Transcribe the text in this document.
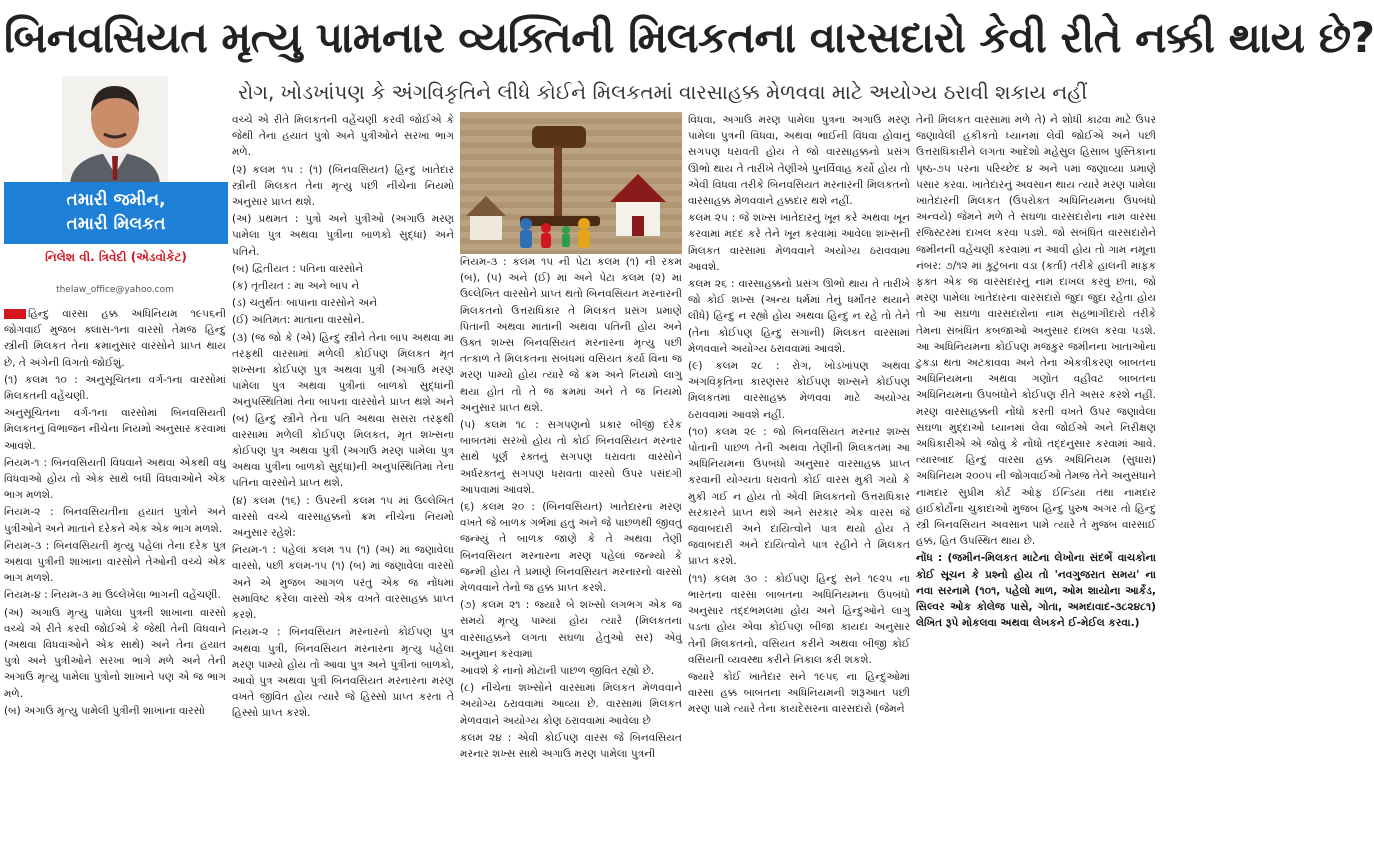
બિનવસિયત મૃત્યુ પામનાર વ્યક્તિની મિલકતના વારસદારો કેવી રીતે નક્કી થાય છે?
રોગ, ખોડખાંપણ કે અંગવિકૃતિને લીધે કોઈને મિલકતમાં વારસાહક્ક મેળવવા માટે અયોગ્ય ઠરાવી શકાય નહીં
તમારી જમીન,
તમારી મિલકત
નિલેશ વી. ત્રિવેદી (એડવોકેટ)
thelaw_office@yahoo.com

હિન્દુ વારસા હક્ક અધિનિયમ ૧૯૫૬ની જોગવાઈ મુજબ ક્લાસ-૧ના વારસો તેમજ હિન્દુ સ્ત્રીની મિલકત તેના ક્રમાનુસાર વારસોને પ્રાપ્ત થાય છે, તે અંગેની વિગતો જોઈશું.

(૧) કલમ ૧૦ : અનુસૂચિતના વર્ગ-૧ના વારસોમાં મિલકતની વહેંચણી.

અનુસૂચિતના વર્ગ-૧ના વારસોમાં બિનવસિયતી મિલકતનું વિભાજન નીચેના નિયમો અનુસાર કરવામાં આવશે.

નિયમ-૧ : બિનવસિયતી વિધવાને અથવા એકથી વધુ વિધવાઓ હોય તો એક સાથે બધી વિધવાઓને એક ભાગ મળશે.

નિયમ-૨ : બિનવસિયતીના હયાત પુત્રોને અને પુત્રીઓને અને માતાને દરેકને એક એક ભાગ મળશે.

નિયમ-૩ : બિનવસિયતી મૃત્યુ પહેલાં તેના દરેક પુત્ર અથવા પુત્રીની શાખાના વારસોને તેઓની વચ્ચે એક ભાગ મળશે.

નિયમ-૪ : નિયમ-૩ માં ઉલ્લેખેલા ભાગની વહેંચણી.

(અ) અગાઉ મૃત્યુ પામેલા પુત્રની શાખાના વારસો વચ્ચે એ રીતે કરવી જોઈએ કે જેથી તેની વિધવાને (અથવા વિધવાઓને એક સાથે) અને તેના હયાત પુત્રો અને પુત્રીઓને સરખા ભાગે મળે અને તેની અગાઉ મૃત્યુ પામેલા પુત્રોનો શાખાને પણ એ જ ભાગ મળે.

(બ) અગાઉ મૃત્યુ પામેલી પુત્રીની શાખાના વારસો

વચ્ચે એ રીતે મિલકતની વહેંચણી કરવી જોઈએ કે જેથી તેના હયાત પુત્રો અને પુત્રીઓને સરખા ભાગ મળે.

(૨) કલમ ૧૫ : (૧) (બિનવસિયત) હિન્દુ ખાતેદાર સ્ત્રીની મિલકત તેના મૃત્યુ પછી નીચેના નિયમો અનુસાર પ્રાપ્ત થશે.

(અ) પ્રથમત : પુત્રો અને પુત્રીઓ (અગાઉ મરણ પામેલા પુત્ર અથવા પુત્રીના બાળકો સુદ્ધાં) અને પતિને.

(બ) દ્વિતીયત : પતિના વારસોને

(ક) તૃતીયત : મા અને બાપ ને

(ડ) ચતુર્થતઃ બાપાના વારસોને અને

(ઈ) અંતિમત: માતાના વારસોને.

(૩) (જ જો કે (એ) હિન્દુ સ્ત્રીને તેના બાપ અથવા મા તરફથી વારસામાં મળેલી કોઈપણ મિલકત મૃત શખ્સના કોઈપણ પુત્ર અથવા પુત્રી (અગાઉ મરણ પામેલા પુત્ર અથવા પુત્રીનાં બાળકો સુદ્ધાંની અનુપસ્થિતિમાં તેના બાપના વારસોને પ્રાપ્ત થશે અને (બ) હિન્દુ સ્ત્રીને તેના પતિ અથવા સસરા તરફથી વારસામાં મળેલી કોઈપણ મિલકત, મૃત શખ્સના કોઈપણ પુત્ર અથવા પુત્રી (અગાઉ મરણ પામેલા પુત્ર અથવા પુત્રીના બાળકો સુદ્ધાં)ની અનુપસ્થિતિમાં તેના પતિના વારસોને પ્રાપ્ત થશે.

(૪) કલમ (૧૬) : ઉપરની કલમ ૧૫ માં ઉલ્લેખિત વારસો વચ્ચે વારસાહક્કનો ક્રમ નીચેના નિયમો અનુસાર રહેશે:

નિયમ-૧ : પહેલાં કલમ ૧૫ (૧) (અ) માં જણાવેલા વારસો, પછી કલમ-૧૫ (૧) (બ) માં જણાવેલા વારસો અને એ મુજબ આગળ પરંતુ એક જ નોંધમાં સમાવિષ્ટ કરેલા વારસો એક વખતે વારસાહક્ક પ્રાપ્ત કરશે.

નિયમ-૨ : બિનવસિયત મરનારનો કોઈપણ પુત્ર અથવા પુત્રી, બિનવસિયત મરનારના મૃત્યુ પહેલાં મરણ પામ્યો હોય તો આવા પુત્ર અને પુત્રીનાં બાળકો, આવો પુત્ર અથવા પુત્રી બિનવસિયત મરનારના મરણ વખતે જીવિત હોય ત્યારે જે હિસ્સો પ્રાપ્ત કરતા તે હિસ્સો પ્રાપ્ત કરશે.

નિયમ-૩ : કલમ ૧૫ ની પેટા કલમ (૧) ની રકમ (બ), (૫) અને (ઈ) માં અને પેટા કલમ (૨) માં ઉલ્લેખિત વારસોને પ્રાપ્ત થતો બિનવસિયત મરનારની મિલકતનો ઉત્તરાધિકાર તે મિલકત પ્રસંગ પ્રમાણે પિતાની અથવા માતાની અથવા પતિની હોય અને ઉક્ત શખ્સ બિનવસિયત મરનારના મૃત્યુ પછી તત્કાળ તે મિલકતના સંબંધમાં વસિયત કર્યા વિના જ મરણ પામ્યો હોય ત્યારે જે ક્રમ અને નિયમો લાગુ થયા હોત તો તે જ ક્રમમાં અને તે જ નિયમો અનુસાર પ્રાપ્ત થશે.

(૫) કલમ ૧૮ : સગપણનો પ્રકાર બીજી દરેક બાબતમાં સરખો હોય તો કોઈ બિનવસિયત મરનાર સાથે પૂર્ણ રક્તનું સગપણ ધરાવતા વારસોને અર્ધરક્તનું સગપણ ધરાવતા વારસો ઉપર પસંદગી આપવામાં આવશે.

(૬) કલમ ૨૦ : (બિનવસિયત) ખાતેદારના મરણ વખતે જે બાળક ગર્ભમાં હતુ અને જે પાછળથી જીવતુ જન્મ્યું તે બાળક જાણે કે તે અથવા તેણી બિનવસિયત મરનારના મરણ પહેલાં જન્મ્યો કે જન્મી હોય તે પ્રમાણે બિનવસિયત મરનારનો વારસો મેળવવાને તેનો જ હક્ક પ્રાપ્ત કરશે.

(૭) કલમ ૨૧ : જ્યારે બે શખ્સો લગભગ એક જ સમયે મૃત્યુ પામ્યાં હોય ત્યારે (મિલકતના વારસાહક્કને લગતા સઘળા હેતુઓ સર) એવું અનુમાન કરવામાં

આવશે કે નાનો મોટાની પાછળ જીવિત રહ્યો છે.

(૮) નીચેના શખ્સોને વારસામાં મિલકત મેળવવાને અયોગ્ય ઠરાવવામાં આવ્યા છે. વારસામાં મિલકત મેળવવાને અયોગ્ય કોણ ઠરાવવામાં આવેલા છે

કલમ ૨૪ : એવી કોઈપણ વારસ જે બિનવસિયત મરનાર શખ્સ સાથે અગાઉ મરણ પામેલા પુત્રની

વિધવા, અગાઉ મરણ પામેલા પુત્રના અગાઉ મરણ પામેલા પુત્રની વિધવા, અથવા ભાઈની વિધવા હોવાનું સગપણ ધરાવતી હોય તે જો વારસાહક્કનો પ્રસંગ ઊભો થાય તે તારીખે તેણીએ પુનર્વિવાહ કર્યો હોય તો એવી વિધવા તરીકે બિનવસિયત મરનારની મિલકતનો વારસાહક્ક મેળવવાને હક્કદાર થશે નહીં.

કલમ ૨૫ : જે શખ્સ ખાતેદારનું ખૂન કરે અથવા ખૂન કરવામાં મદદ કરે તેને ખૂન કરવામાં આવેલા શખ્સની મિલકત વારસામાં મેળવવાને અયોગ્ય ઠરાવવામાં આવશે.

કલમ ૨૬ : વારસાહક્કનો પ્રસંગ ઊભો થાય તે તારીખે જો કોઈ શખ્સ (અન્ય ધર્મમાં તેનું ધર્માંતર થયાને લીધે) હિન્દુ ન રહ્યો હોય અથવા હિન્દુ ન રહે તો તેને (તેના કોઈપણ હિન્દુ સગાની) મિલકત વારસામાં મેળવવાને અયોગ્ય ઠરાવવામાં આવશે.

(૯) કલમ ૨૮ : રોગ, ખોડખાંપણ અથવા અંગવિકૃતિના કારણસર કોઈપણ શખ્સને કોઈપણ મિલકતમાં વારસાહક્ક મેળવવા માટે અયોગ્ય ઠરાવવામાં આવશે નહીં.

(૧૦) કલમ ૨૯ : જો બિનવસિયત મરનાર શખ્સ પોતાની પાછળ તેની અથવા તેણીની મિલકતમાં આ અધિનિયમના ઉપબંધો અનુસાર વારસાહક્ક પ્રાપ્ત કરવાની યોગ્યતા ધરાવતો કોઈ વારસ મુકી ગયો કે મુકી ગઈ ન હોય તો એવી મિલકતનો ઉત્તરાધિકાર સરકારને પ્રાપ્ત થશે અને સરકાર એક વારસ જે જવાબદારી અને દાયિત્વોને પાત્ર થયો હોય તે જવાબદારી અને દાયિત્વોને પાત્ર રહીને તે મિલકત પ્રાપ્ત કરશે.

(૧૧) કલમ ૩૦ : કોઈપણ હિન્દુ સને ૧૯૨૫ ના ભારતના વારસા બાબતના અધિનિયમના ઉપબંધો અનુસાર તદ્દભમલમાં હોય અને હિન્દુઓને લાગુ પડતા હોય એવા કોઈપણ બીજા કાયદા અનુસાર તેની મિલકતનો, વસિયત કરીને અથવા બીજી કોઈ વસિયતી વ્યવસ્થા કરીને નિકાલ કરી શકશે.

જ્યારે કોઈ ખાતેદાર સને ૧૯૫૬ ના હિન્દુઓમાં વારસા હક્ક બાબતના અધિનિયમની શરૂઆત પછી મરણ પામે ત્યારે તેના કાયદેસરના વારસદારો (જેમને

તેની મિલકત વારસામાં મળે તે) ને શોધી કાઢવા માટે ઉપર જણાવેલી હકીકતો ધ્યાનમાં લેવી જોઈએ અને પછી ઉત્તરાધિકારીને લગતા આદેશો મહેસુલ હિસાબ પુસ્તિકાના પૃષ્ઠ-૭૫ પરના પરિચ્છેદ ૪ અને ૫માં જણાવ્યા પ્રમાણે પસાર કરવા. ખાતેદારનું અવસાન થાય ત્યારે મરણ પામેલા ખાતેદારની મિલકત (ઉપરોક્ત અધિનિયમના ઉપબંધો અન્વયે) જેમને મળે તે સઘળા વારસદારોના નામ વારસા રજિસ્ટરમાં દાખલ કરવા પડશે. જો સંબંધિત વારસદારોને જમીનની વહેંચણી કરવામાં ન આવી હોય તો ગામ નમૂના નંબર: ૭/૧૨ માં કુટુંબના વડા (કર્તા) તરીકે હાલની માફક ફક્ત એક જ વારસદારનું નામ દાખલ કરવું છતાં, જો મરણ પામેલા ખાતેદારના વારસદારો જુદા જુદા રહેતા હોય તો આ સઘળા વારસદારોના નામ સહભાગીદારો તરીકે તેમના સંબંધિત કબજાઓ અનુસાર દાખલ કરવા પડશે. આ અધિનિયમના કોઈપણ મજકુર જમીનના ખાતાઓના ટુકડા થતા અટકાવવા અને તેના એકત્રીકરણ બાબતના અધિનિયમના અથવા ગણોત વહીવટ બાબતના અધિનિયમના ઉપબંધોને કોઈપણ રીતે અસર કરશે નહીં. મરણ વારસાહક્કની નોંધો કરતી વખતે ઉપર જણાવેલા સઘળા મુદ્દાઓ ધ્યાનમાં લેવા જોઈએ અને નિરીક્ષણ અધિકારીએ એ જોવું કે નોંધો તદ્દનુસાર કરવામાં આવે. ત્યારબાદ હિન્દુ વારસા હક્ક અધિનિયમ (સુધારા) અધિનિયમ ૨૦૦૫ ની જોગવાઈઓ તેમજ તેને અનુસંધાને નામદાર સુપ્રીમ કોર્ટ ઓફ ઈન્ડિયા તથા નામદાર હાઈકોર્ટોના ચુકાદાઓ મુજબ હિન્દુ પુરુષ અગર તો હિન્દુ સ્ત્રી બિનવસિયત અવસાન પામે ત્યારે તે મુજબ વારસાઈ હક્ક, હિત ઉપસ્થિત થાય છે.

નોંધ : (જમીન-મિલકત માટેના લેખોના સંદર્ભે વાચકોના કોઈ સૂચન કે પ્રશ્નો હોય તો 'નવગુજરાત સમય' ના નવા સરનામે (૧૦૧, પહેલો માળ, ઓમ શાયોના આર્કેડ, સિલ્વર ઓક કોલેજ પાસે, ગોતા, અમદાવાદ-૩૮૨૪૮૧) લેખિત રૂપે મોકલવા અથવા લેખકને ઈ-મેઈલ કરવા.)
